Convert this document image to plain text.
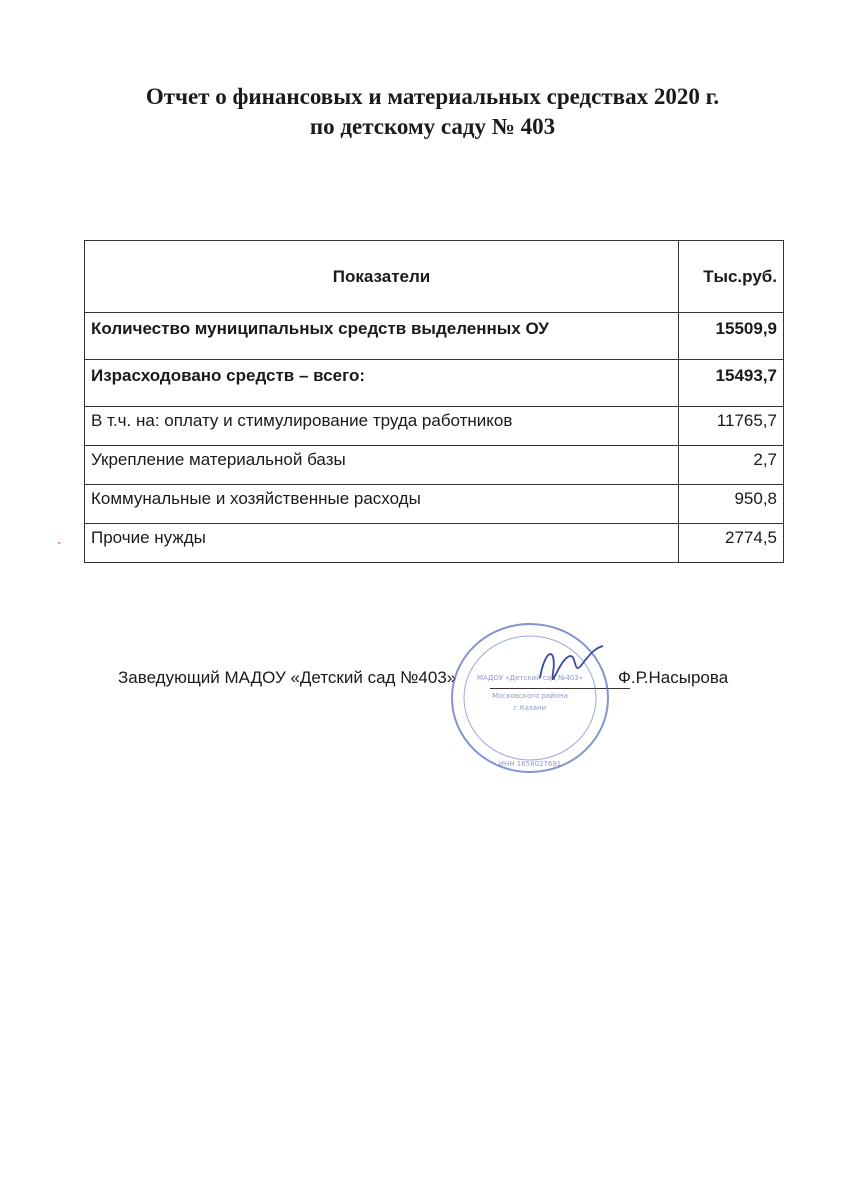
Отчет о финансовых и материальных средствах 2020 г.
по детскому саду № 403
Показатели	Тыс.руб.
Количество муниципальных средств выделенных ОУ	15509,9
Израсходовано средств – всего:	15493,7
В т.ч. на: оплату и стимулирование труда работников	11765,7
Укрепление материальной базы	2,7
Коммунальные и хозяйственные расходы	950,8
Прочие нужды	2774,5
ˎ
Заведующий МАДОУ «Детский сад №403»	Ф.Р.Насырова
МАДОУ «Детский сад №403»
Московского района
г.Казани
ИНН 1658027691
